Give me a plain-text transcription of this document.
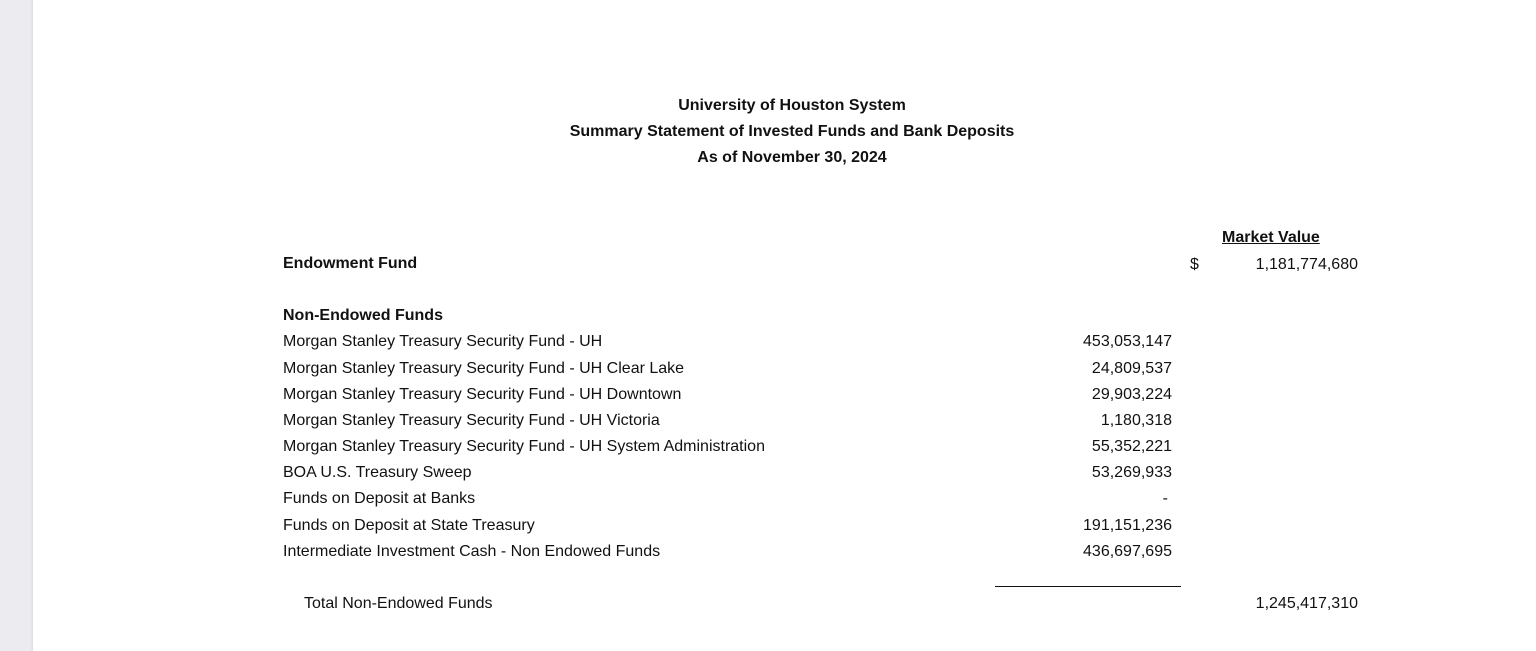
University of Houston System
Summary Statement of Invested Funds and Bank Deposits
As of November 30, 2024
Market Value
Endowment Fund	$	1,181,774,680
Non-Endowed Funds
Morgan Stanley Treasury Security Fund - UH	453,053,147
Morgan Stanley Treasury Security Fund - UH Clear Lake	24,809,537
Morgan Stanley Treasury Security Fund - UH Downtown	29,903,224
Morgan Stanley Treasury Security Fund - UH Victoria	1,180,318
Morgan Stanley Treasury Security Fund - UH System Administration	55,352,221
BOA U.S. Treasury Sweep	53,269,933
Funds on Deposit at Banks	-
Funds on Deposit at State Treasury	191,151,236
Intermediate Investment Cash - Non Endowed Funds	436,697,695
Total Non-Endowed Funds	1,245,417,310
